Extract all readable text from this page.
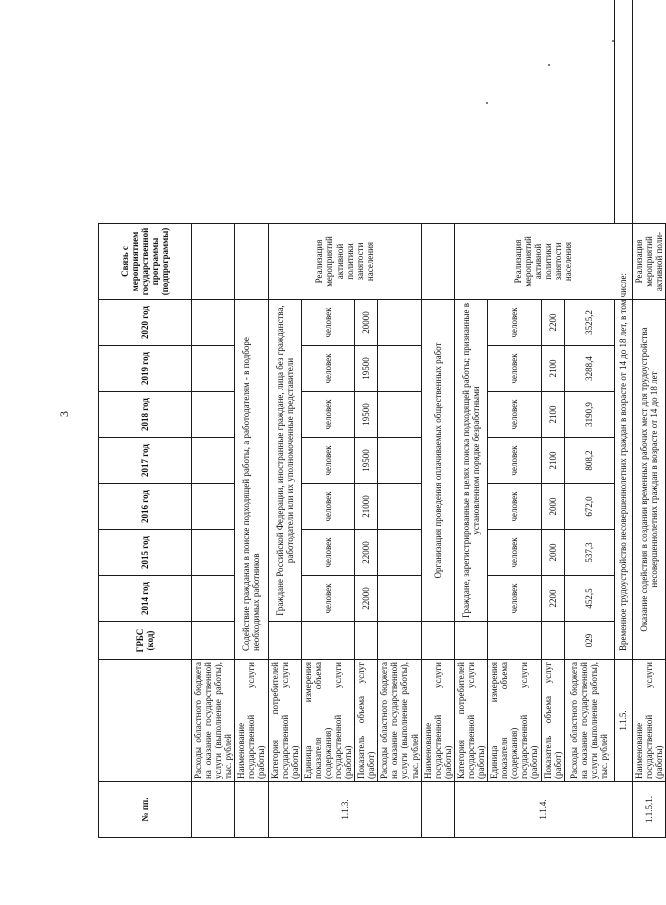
3
№ пп.		ГРБС (код)	2014 год	2015 год	2016 год	2017 год	2018 год	2019 год	2020 год	Связь с мероприятием государственной программы (подпрограммы)	
	Расходы областного бюджета на оказание государственной услуги (выполнение работы), тыс. рублей										
	Наименование государственной услуги (работы)	Содействие гражданам в поиске подходящей работы, а работодателям - в подборе необходимых работников									
1.1.3.	Категория потребителей государственной услуги (работы)		Граждане Российской Федерации, иностранные граждане, лица без гражданства, работодатели или их уполномоченные представители							Реализация мероприятий активной политики занятости населения	
	Единица измерения показателя объема (содержания) государственной услуги (работы)		человек	человек	человек	человек	человек	человек	человек		
	Показатель объема услуг (работ)		22000	22000	21000	19500	19500	19500	20000		
	Расходы областного бюджета на оказание государственной услуги (выполнение работы), тыс. рублей										
	Наименование государственной услуги (работы)		Организация проведения оплачиваемых общественных работ								
1.1.4.	Категория потребителей государственной услуги (работы)		Граждане, зарегистрированные в целях поиска подходящей работы; признанные в установленном порядке безработными							Реализация мероприятий активной политики занятости населения	
	Единица измерения показателя объема (содержания) государственной услуги (работы)		человек	человек	человек	человек	человек	человек	человек		
	Показатель объема услуг (работ)		2200	2000	2000	2100	2100	2100	2200		
	Расходы областного бюджета на оказание государственной услуги (выполнение работы), тыс. рублей	029	452,5	537,3	672,0	808,2	3190,9	3288,4	3525,2		
	1.1.5.	Временное трудоустройство несовершеннолетних граждан в возрасте от 14 до 18 лет, в том числе:									
1.1.5.1.	Наименование государственной услуги (работы)	Оказание содействия в создании временных рабочих мест для трудоустройства несовершеннолетних граждан в возрасте от 14 до 18 лет								Реализация мероприятий активной поли-	
